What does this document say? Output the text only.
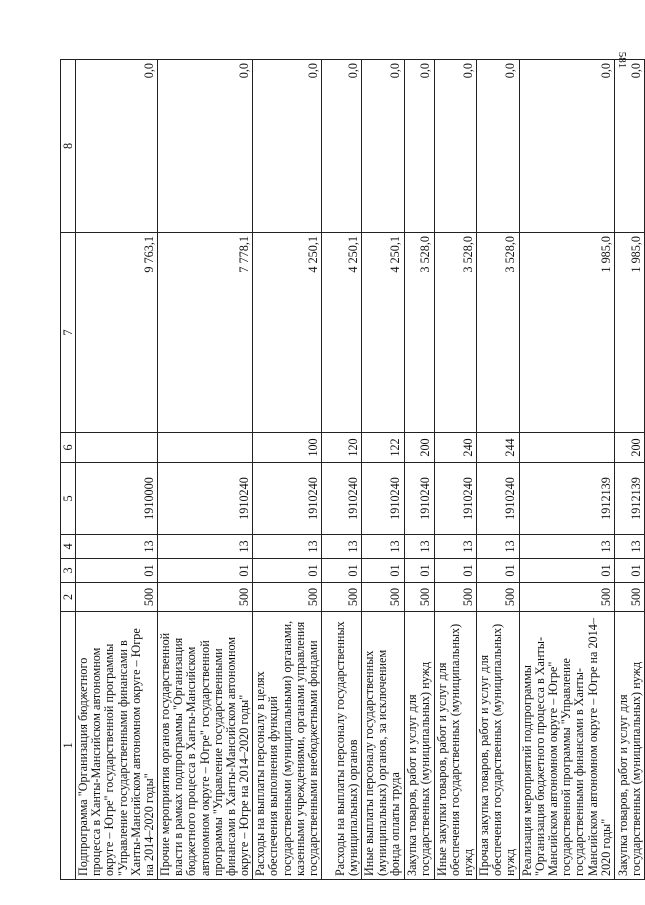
581
1	2	3	4	5	6	7	8
Подпрограмма "Организация бюджетного процесса в Ханты-Мансийском автономном округе – Югре" государственной программы "Управление государственными финансами в Ханты-Мансийском автономном округе – Югре на 2014–2020 годы"	500	01	13	1910000		9 763,1	0,0
Прочие мероприятия органов государственной власти в рамках подпрограммы "Организация бюджетного процесса в Ханты-Мансийском автономном округе – Югре" государственной программы "Управление государственными финансами в Ханты-Мансийском автономном округе – Югре на 2014–2020 годы"	500	01	13	1910240		7 778,1	0,0
Расходы на выплаты персоналу в целях обеспечения выполнения функций государственными (муниципальными) органами, казенными учреждениями, органами управления государственными внебюджетными фондами	500	01	13	1910240	100	4 250,1	0,0
Расходы на выплаты персоналу государственных (муниципальных) органов	500	01	13	1910240	120	4 250,1	0,0
Иные выплаты персоналу государственных (муниципальных) органов, за исключением фонда оплаты труда	500	01	13	1910240	122	4 250,1	0,0
Закупка товаров, работ и услуг для государственных (муниципальных) нужд	500	01	13	1910240	200	3 528,0	0,0
Иные закупки товаров, работ и услуг для обеспечения государственных (муниципальных) нужд	500	01	13	1910240	240	3 528,0	0,0
Прочая закупка товаров, работ и услуг для обеспечения государственных (муниципальных) нужд	500	01	13	1910240	244	3 528,0	0,0
Реализация мероприятий подпрограммы "Организация бюджетного процесса в Ханты-Мансийском автономном округе – Югре" государственной программы "Управление государственными финансами в Ханты-Мансийском автономном округе – Югре на 2014–2020 годы"	500	01	13	1912139		1 985,0	0,0
Закупка товаров, работ и услуг для государственных (муниципальных) нужд	500	01	13	1912139	200	1 985,0	0,0
